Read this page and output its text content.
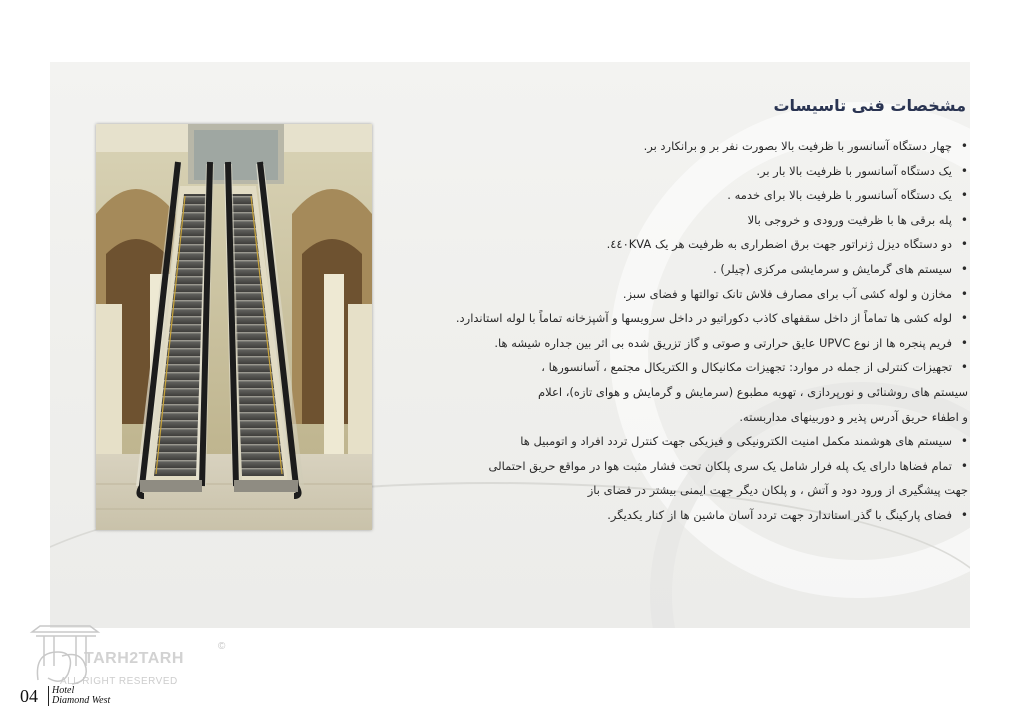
مشخصات فنی تاسیسات
•
چهار دستگاه آسانسور با ظرفیت بالا بصورت نفر بر و برانکارد بر.
•
یک دستگاه آسانسور با ظرفیت بالا بار بر.
•
یک دستگاه آسانسور با ظرفیت بالا برای خدمه .
•
پله برقی ها با ظرفیت ورودی و خروجی بالا
•
دو دستگاه دیزل ژنراتور جهت برق اضطراری به ظرفیت هر یک ٤٤٠KVA.
•
سیستم های گرمایش و سرمایشی مرکزی (چیلر) .
•
مخازن و لوله کشی آب برای مصارف فلاش تانک توالتها و فضای سبز.
•
لوله کشی ها تماماً از داخل سقفهای کاذب دکوراتیو در داخل سرویسها و آشپزخانه تماماً با لوله استاندارد.
•
فریم پنجره ها از نوع UPVC عایق حرارتی و صوتی و گاز تزریق شده بی اثر بین جداره شیشه ها.
•
تجهیزات کنترلی از جمله در موارد: تجهیزات مکانیکال و الکتریکال مجتمع ، آسانسورها ،
سیستم های روشنائی و نورپردازی ، تهویه مطبوع (سرمایش و گرمایش و هوای تازه)، اعلام
و اطفاء حریق آدرس پذیر و دوربینهای مداربسته.
•
سیستم های هوشمند مکمل امنیت الکترونیکی و فیزیکی جهت کنترل تردد افراد و اتومبیل ها
•
تمام فضاها دارای یک پله فرار شامل یک سری پلکان تحت فشار مثبت هوا در مواقع حریق احتمالی
جهت پیشگیری از ورود دود و آتش ، و پلکان دیگر جهت ایمنی بیشتر در فضای باز
•
فضای پارکینگ با گذر استاندارد جهت تردد آسان ماشین ها از کنار یکدیگر.
TARH2TARH
©
ALL RIGHT RESERVED
04 Hotel
Diamond West
